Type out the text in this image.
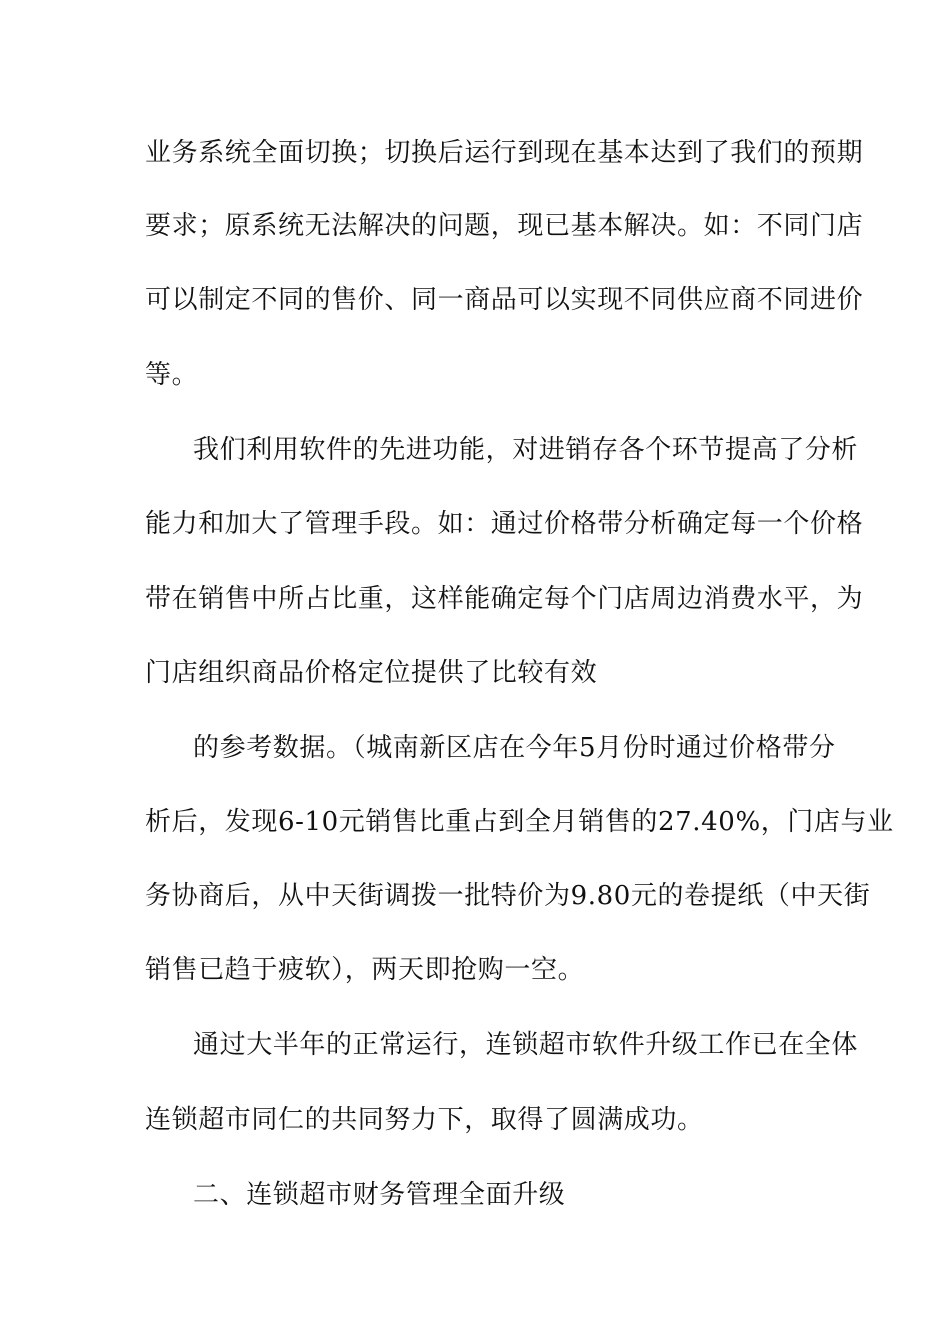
业务系统全面切换；切换后运行到现在基本达到了我们的预期
要求；原系统无法解决的问题，现已基本解决。如：不同门店
可以制定不同的售价、同一商品可以实现不同供应商不同进价
等。
我们利用软件的先进功能，对进销存各个环节提高了分析
能力和加大了管理手段。如：通过价格带分析确定每一个价格
带在销售中所占比重，这样能确定每个门店周边消费水平，为
门店组织商品价格定位提供了比较有效
的参考数据。（城南新区店在今年5月份时通过价格带分
析后，发现6-10元销售比重占到全月销售的27.40%，门店与业
务协商后，从中天街调拨一批特价为9.80元的卷提纸（中天街
销售已趋于疲软），两天即抢购一空。
通过大半年的正常运行，连锁超市软件升级工作已在全体
连锁超市同仁的共同努力下，取得了圆满成功。
二、连锁超市财务管理全面升级
